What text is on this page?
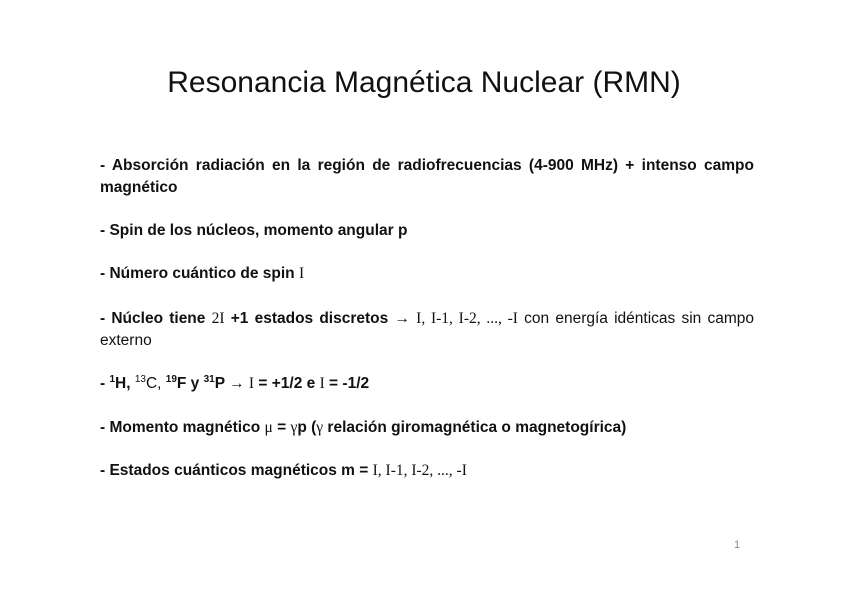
Resonancia Magnética Nuclear (RMN)
- Absorción radiación en la región de radiofrecuencias (4-900 MHz) + intenso campo magnético
- Spin de los núcleos, momento angular p
- Número cuántico de spin I
- Núcleo tiene 2I +1 estados discretos → I, I-1, I-2, ..., -I con energía idénticas sin campo externo
- $^1$H, $^{13}$C, $^{19}$F y $^{31}$P → I = +1/2 e I = -1/2
- Momento magnético μ = γp (γ relación giromagnética o magnetogírica)
- Estados cuánticos magnéticos m = I, I-1, I-2, ..., -I
1
